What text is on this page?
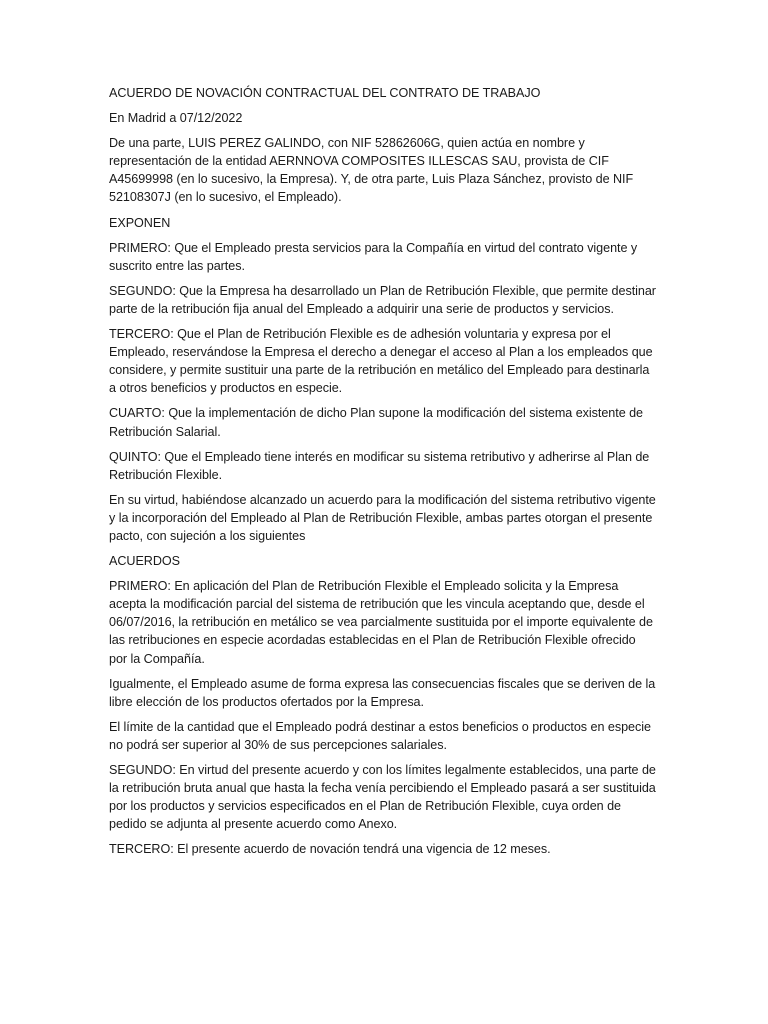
ACUERDO DE NOVACIÓN CONTRACTUAL DEL CONTRATO DE TRABAJO

En Madrid a 07/12/2022

De una parte, LUIS PEREZ GALINDO, con NIF 52862606G, quien actúa en nombre y representación de la entidad AERNNOVA COMPOSITES ILLESCAS SAU, provista de CIF A45699998 (en lo sucesivo, la Empresa). Y, de otra parte, Luis Plaza Sánchez, provisto de NIF 52108307J (en lo sucesivo, el Empleado).

EXPONEN

PRIMERO: Que el Empleado presta servicios para la Compañía en virtud del contrato vigente y suscrito entre las partes.

SEGUNDO: Que la Empresa ha desarrollado un Plan de Retribución Flexible, que permite destinar parte de la retribución fija anual del Empleado a adquirir una serie de productos y servicios.

TERCERO: Que el Plan de Retribución Flexible es de adhesión voluntaria y expresa por el Empleado, reservándose la Empresa el derecho a denegar el acceso al Plan a los empleados que considere, y permite sustituir una parte de la retribución en metálico del Empleado para destinarla a otros beneficios y productos en especie.

CUARTO: Que la implementación de dicho Plan supone la modificación del sistema existente de Retribución Salarial.

QUINTO: Que el Empleado tiene interés en modificar su sistema retributivo y adherirse al Plan de Retribución Flexible.

En su virtud, habiéndose alcanzado un acuerdo para la modificación del sistema retributivo vigente y la incorporación del Empleado al Plan de Retribución Flexible, ambas partes otorgan el presente pacto, con sujeción a los siguientes

ACUERDOS

PRIMERO: En aplicación del Plan de Retribución Flexible el Empleado solicita y la Empresa acepta la modificación parcial del sistema de retribución que les vincula aceptando que, desde el 06/07/2016, la retribución en metálico se vea parcialmente sustituida por el importe equivalente de las retribuciones en especie acordadas establecidas en el Plan de Retribución Flexible ofrecido por la Compañía.

Igualmente, el Empleado asume de forma expresa las consecuencias fiscales que se deriven de la libre elección de los productos ofertados por la Empresa.

El límite de la cantidad que el Empleado podrá destinar a estos beneficios o productos en especie no podrá ser superior al 30% de sus percepciones salariales.

SEGUNDO: En virtud del presente acuerdo y con los límites legalmente establecidos, una parte de la retribución bruta anual que hasta la fecha venía percibiendo el Empleado pasará a ser sustituida por los productos y servicios especificados en el Plan de Retribución Flexible, cuya orden de pedido se adjunta al presente acuerdo como Anexo.

TERCERO: El presente acuerdo de novación tendrá una vigencia de 12 meses.
